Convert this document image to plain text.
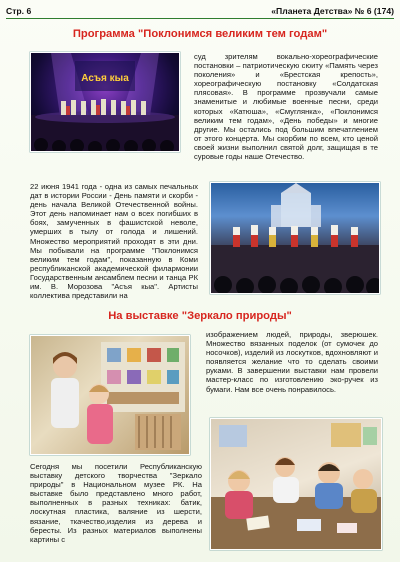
Стр. 6	«Планета Детства» № 6 (174)
Программа "Поклонимся великим тем годам"
Асъя кыа

суд зрителям вокально-хореографические постановки – патриотическую сюиту «Память через поколения» и «Брестская крепость», хореографическую постановку «Солдатская пляcовая». В программе прозвучали самые знаменитые и любимые военные песни, среди которых «Катюша», «Смуглянка», «Поклонимся великим тем годам», «День победы» и многие другие. Мы остались под большим впечатлением от этого концерта. Мы скорбим по всем, кто ценой своей жизни выполнил святой долг, защищая в те суровые годы наше Отечество.

22 июня 1941 года - одна из самых печальных дат в истории России - День памяти и скорби - день начала Великой Отечественной войны. Этот день напоминает нам о всех погибших в боях, замученных в фашистской неволе, умерших в тылу от голода и лишений. Множество мероприятий проходят в эти дни. Мы побывали на программе "Поклонимся великим тем годам", показанную в Коми республиканской академической филармонии Государственным ансамблем песни и танца РК им. В. Морозова "Асъя кыа". Артисты коллектива представили на

На выставке "Зеркало природы"

изображением людей, природы, зверюшек. Множество вязанных поделок (от сумочек до носочков), изделий из лоскутков, вдохновляют и появляется желание что то сделать своими руками. В завершении выставки нам провели мастер-класс по изготовлению эко-ручек из бумаги. Нам все очень понравилось.

Сегодня мы посетили Республиканскую выставку детского творчества "Зеркало природы" в Национальном музее РК. На выставке было представлено много работ, выполненных в разных техниках: батик, лоскутная пластика, валяние из шерсти, вязание, ткачество,изделия из дерева и бересты. Из разных материалов выполнены картины с
